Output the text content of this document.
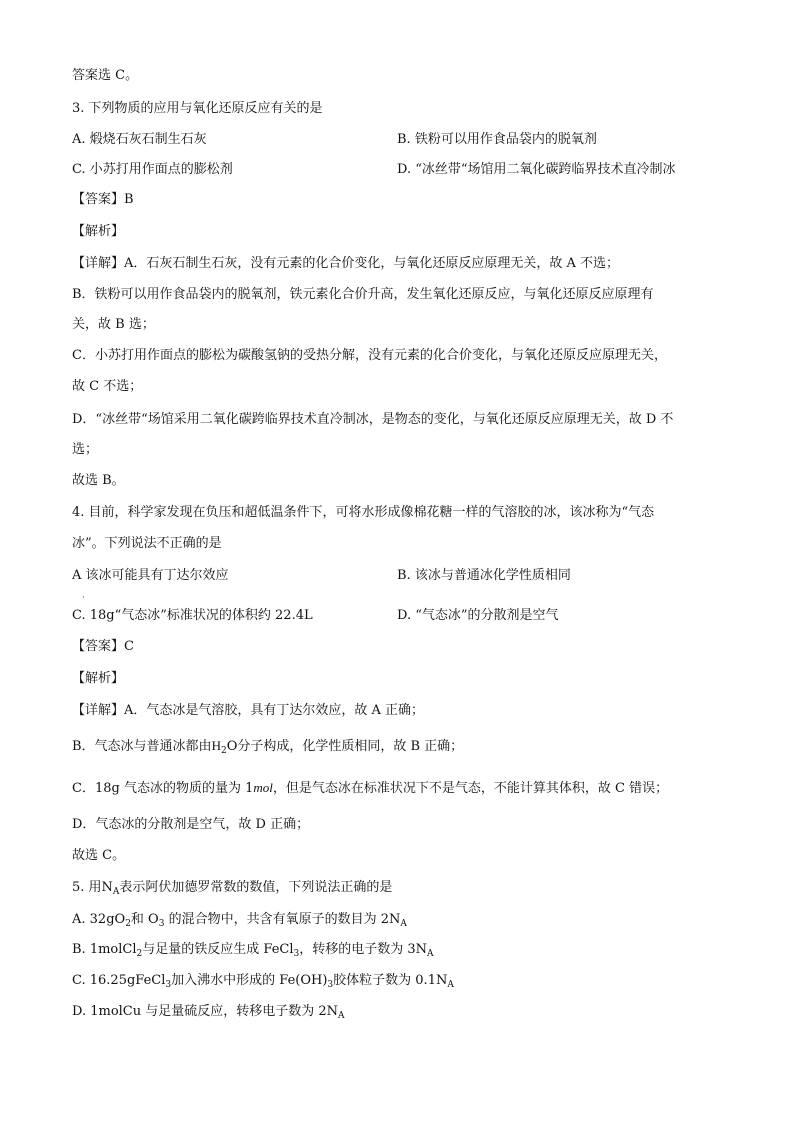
答案选 C。
3. 下列物质的应用与氧化还原反应有关的是
A. 煅烧石灰石制生石灰	B. 铁粉可以用作食品袋内的脱氧剂
C. 小苏打用作面点的膨松剂	D. “冰丝带“场馆用二氧化碳跨临界技术直冷制冰
【答案】B
【解析】
【详解】A．石灰石制生石灰，没有元素的化合价变化，与氧化还原反应原理无关，故 A 不选；
B．铁粉可以用作食品袋内的脱氧剂，铁元素化合价升高，发生氧化还原反应，与氧化还原反应原理有
关，故 B 选；
C．小苏打用作面点的膨松为碳酸氢钠的受热分解，没有元素的化合价变化，与氧化还原反应原理无关，
故 C 不选；
D．“冰丝带“场馆采用二氧化碳跨临界技术直冷制冰，是物态的变化，与氧化还原反应原理无关，故 D 不
选；
故选 B。
4. 目前，科学家发现在负压和超低温条件下，可将水形成像棉花糖一样的气溶胶的冰，该冰称为“气态
冰”。下列说法不正确的是
A 该冰可能具有丁达尔效应	B. 该冰与普通冰化学性质相同
·
C. 18g“气态冰”标准状况的体积约 22.4L	D. “气态冰”的分散剂是空气
【答案】C
【解析】
【详解】A．气态冰是气溶胶，具有丁达尔效应，故 A 正确；
B．气态冰与普通冰都由$H_2O$分子构成，化学性质相同，故 B 正确；
C．18g 气态冰的物质的量为 1mol，但是气态冰在标准状况下不是气态，不能计算其体积，故 C 错误；
D．气态冰的分散剂是空气，故 D 正确；
故选 C。
5. 用$N_A$表示阿伏加德罗常数的数值，下列说法正确的是
A. $32gO_2$和 $O_3$ 的混合物中，共含有氧原子的数目为 $2N_A$
B. 1molCl$_2$与足量的铁反应生成 FeCl$_3$，转移的电子数为 $3N_A$
C. 16.25gFeCl$_3$加入沸水中形成的 $Fe(OH)_3$胶体粒子数为 $0.1N_A$
D. 1molCu 与足量硫反应，转移电子数为 $2N_A$
